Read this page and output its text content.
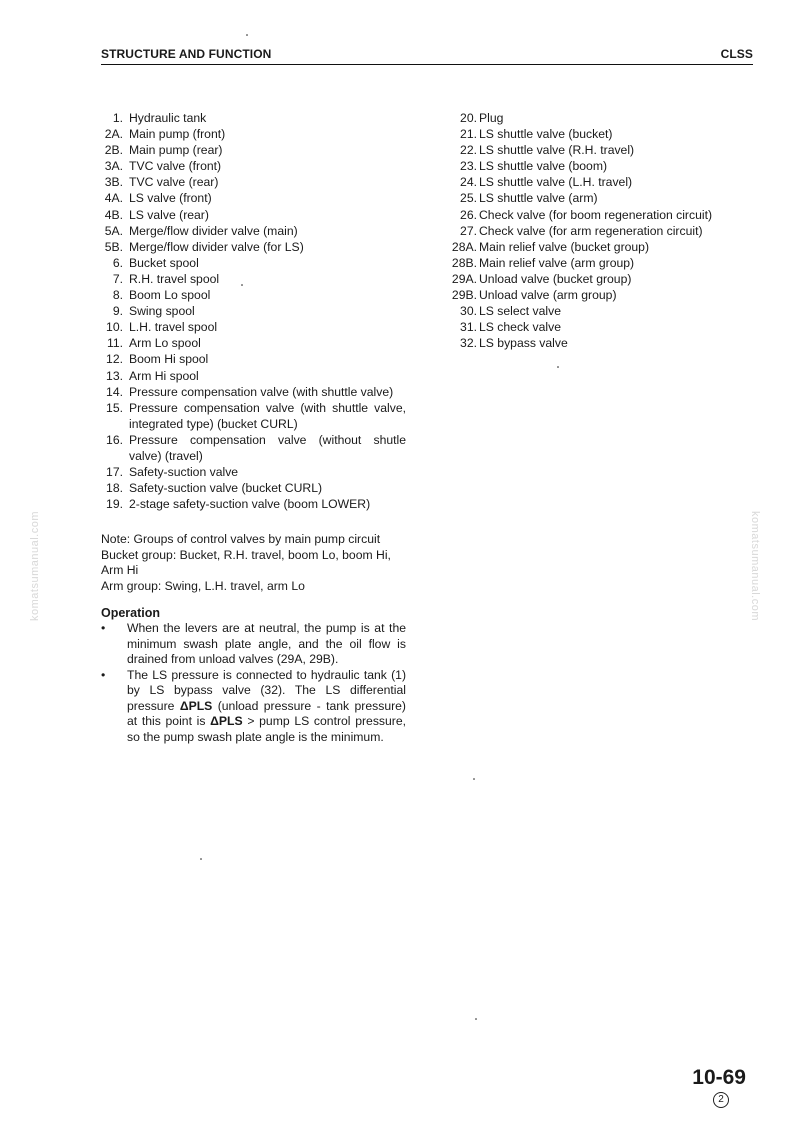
STRUCTURE AND FUNCTION	CLSS
1. Hydraulic tank
2A. Main pump (front)
2B. Main pump (rear)
3A. TVC valve (front)
3B. TVC valve (rear)
4A. LS valve (front)
4B. LS valve (rear)
5A. Merge/flow divider valve (main)
5B. Merge/flow divider valve (for LS)
6. Bucket spool
7. R.H. travel spool
8. Boom Lo spool
9. Swing spool
10. L.H. travel spool
11. Arm Lo spool
12. Boom Hi spool
13. Arm Hi spool
14. Pressure compensation valve (with shuttle valve)
15. Pressure compensation valve (with shuttle valve, integrated type) (bucket CURL)
16. Pressure compensation valve (without shutle valve) (travel)
17. Safety-suction valve
18. Safety-suction valve (bucket CURL)
19. 2-stage safety-suction valve (boom LOWER)
Note: Groups of control valves by main pump circuit
Bucket group: Bucket, R.H. travel, boom Lo, boom Hi, Arm Hi
Arm group: Swing, L.H. travel, arm Lo
Operation
• When the levers are at neutral, the pump is at the minimum swash plate angle, and the oil flow is drained from unload valves (29A, 29B).
• The LS pressure is connected to hydraulic tank (1) by LS bypass valve (32). The LS differential pressure ΔPLS (unload pressure - tank pressure) at this point is ΔPLS > pump LS control pressure, so the pump swash plate angle is the minimum.
20. Plug
21. LS shuttle valve (bucket)
22. LS shuttle valve (R.H. travel)
23. LS shuttle valve (boom)
24. LS shuttle valve (L.H. travel)
25. LS shuttle valve (arm)
26. Check valve (for boom regeneration circuit)
27. Check valve (for arm regeneration circuit)
28A. Main relief valve (bucket group)
28B. Main relief valve (arm group)
29A. Unload valve (bucket group)
29B. Unload valve (arm group)
30. LS select valve
31. LS check valve
32. LS bypass valve
komatsumanual.com	komatsumanual.com
10-69
2
